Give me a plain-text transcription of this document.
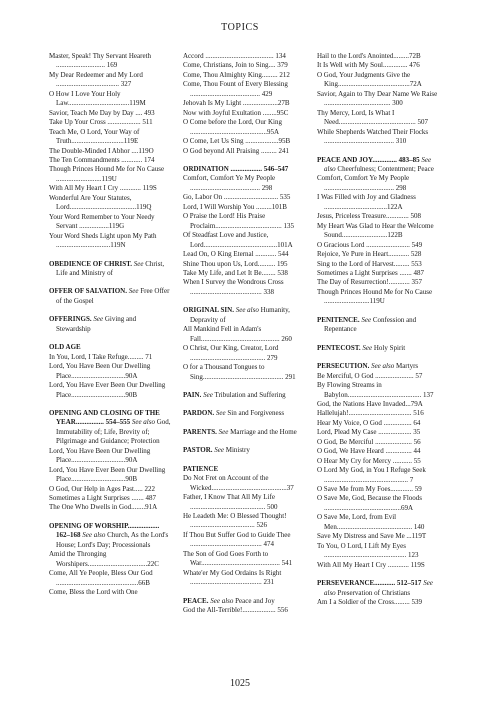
TOPICS
Master, Speak! Thy Servant Heareth ............................ 169
My Dear Redeemer and My Lord .................................... 327
O How I Love Your Holy Law...................................119M
Savior, Teach Me Day by Day .... 493
Take Up Your Cross ................... 511
Teach Me, O Lord, Your Way of Truth..............................119E
The Double-Minded I Abhor ....119O
The Ten Commandments ............ 174
Though Princes Hound Me for No Cause ..........................119U
With All My Heart I Cry ............ 119S
Wonderful Are Your Statutes, Lord......................................119Q
Your Word Remember to Your Needy Servant .................119G
Your Word Sheds Light upon My Path ...............................119N
OBEDIENCE OF CHRIST. See Christ, Life and Ministry of
OFFER OF SALVATION. See Free Offer of the Gospel
OFFERINGS. See Giving and Stewardship
OLD AGE
In You, Lord, I Take Refuge......... 71
Lord, You Have Been Our Dwelling Place...............................90A
Lord, You Have Ever Been Our Dwelling Place...............................90B
OPENING AND CLOSING OF THE YEAR................ 554–555 See also God, Immutability of; Life, Brevity of; Pilgrimage and Guidance; Protection
Lord, You Have Been Our Dwelling Place...............................90A
Lord, You Have Ever Been Our Dwelling Place...............................90B
O God, Our Help in Ages Past..... 222
Sometimes a Light Surprises ....... 487
The One Who Dwells in God........91A
OPENING OF WORSHIP.................. 162–168 See also Church, As the Lord's House; Lord's Day; Processionals
Amid the Thronging Worshipers..................................22C
Come, All Ye People, Bless Our God ...............................................66B
Come, Bless the Lord with One
Accord ....................................... 134
Come, Christians, Join to Sing.... 379
Come, Thou Almighty King......... 212
Come, Thou Fount of Every Blessing ........................................ 429
Jehovah Is My Light ....................27B
Now with Joyful Exultation ........95C
O Come before the Lord, Our King ............................................95A
O Come, Let Us Sing ...................95B
O God beyond All Praising ......... 241
ORDINATION .................. 546–547
Comfort, Comfort Ye My People ........................................ 298
Go, Labor On ............................... 535
Lord, I Will Worship You .........101B
O Praise the Lord! His Praise Proclaim...................................... 135
Of Steadfast Love and Justice, Lord..........................................101A
Lead On, O King Eternal ............ 544
Shine Thou upon Us, Lord.......... 195
Take My Life, and Let It Be........ 538
When I Survey the Wondrous Cross ......................................... 338
ORIGINAL SIN. See also Humanity, Depravity of
All Mankind Fell in Adam's Fall............................................. 260
O Christ, Our King, Creator, Lord ........................................... 279
O for a Thousand Tongues to Sing.............................................. 291
PAIN. See Tribulation and Suffering
PARDON. See Sin and Forgiveness
PARENTS. See Marriage and the Home
PASTOR. See Ministry
PATIENCE
Do Not Fret on Account of the Wicked...........................................37
Father, I Know That All My Life ........................................... 500
He Leadeth Me: O Blessed Thought! ..................................... 526
If Thou But Suffer God to Guide Thee ......................................... 474
The Son of God Goes Forth to War............................................. 541
Whate'er My God Ordains Is Right ......................................... 231
PEACE. See also Peace and Joy
God the All-Terrible!................... 556
Hail to the Lord's Anointed.........72B
It Is Well with My Soul.............. 476
O God, Your Judgments Give the King.........................................72A
Savior, Again to Thy Dear Name We Raise ...................................... 300
Thy Mercy, Lord, Is What I Need............................................ 507
While Shepherds Watched Their Flocks ........................................ 310
PEACE AND JOY.............. 483–85 See also Cheerfulness; Contentment; Peace
Comfort, Comfort Ye My People ........................................ 298
I Was Filled with Joy and Gladness ....................................122A
Jesus, Priceless Treasure............. 508
My Heart Was Glad to Hear the Welcome Sound..........................122B
O Gracious Lord ......................... 549
Rejoice, Ye Pure in Heart............ 528
Sing to the Lord of Harvest......... 553
Sometimes a Light Surprises ....... 487
The Day of Resurrection!............ 357
Though Princes Hound Me for No Cause ..........................119U
PENITENCE. See Confession and Repentance
PENTECOST. See Holy Spirit
PERSECUTION. See also Martyrs
Be Merciful, O God ...................... 57
By Flowing Streams in Babylon.......................................... 137
God, the Nations Have Invaded...79A
Hallelujah!.................................... 516
Hear My Voice, O God ................ 64
Lord, Plead My Case ................... 35
O God, Be Merciful ..................... 56
O God, We Have Heard ............... 44
O Hear My Cry for Mercy ........... 55
O Lord My God, in You I Refuge Seek ................................................ 7
O Save Me from My Foes............. 59
O Save Me, God, Because the Floods ............................................69A
O Save Me, Lord, from Evil Men........................................... 140
Save My Distress and Save Me ...119T
To You, O Lord, I Lift My Eyes ............................................... 123
With All My Heart I Cry ............ 119S
PERSEVERANCE............ 512–517 See also Preservation of Christians
Am I a Soldier of the Cross......... 539
1025
